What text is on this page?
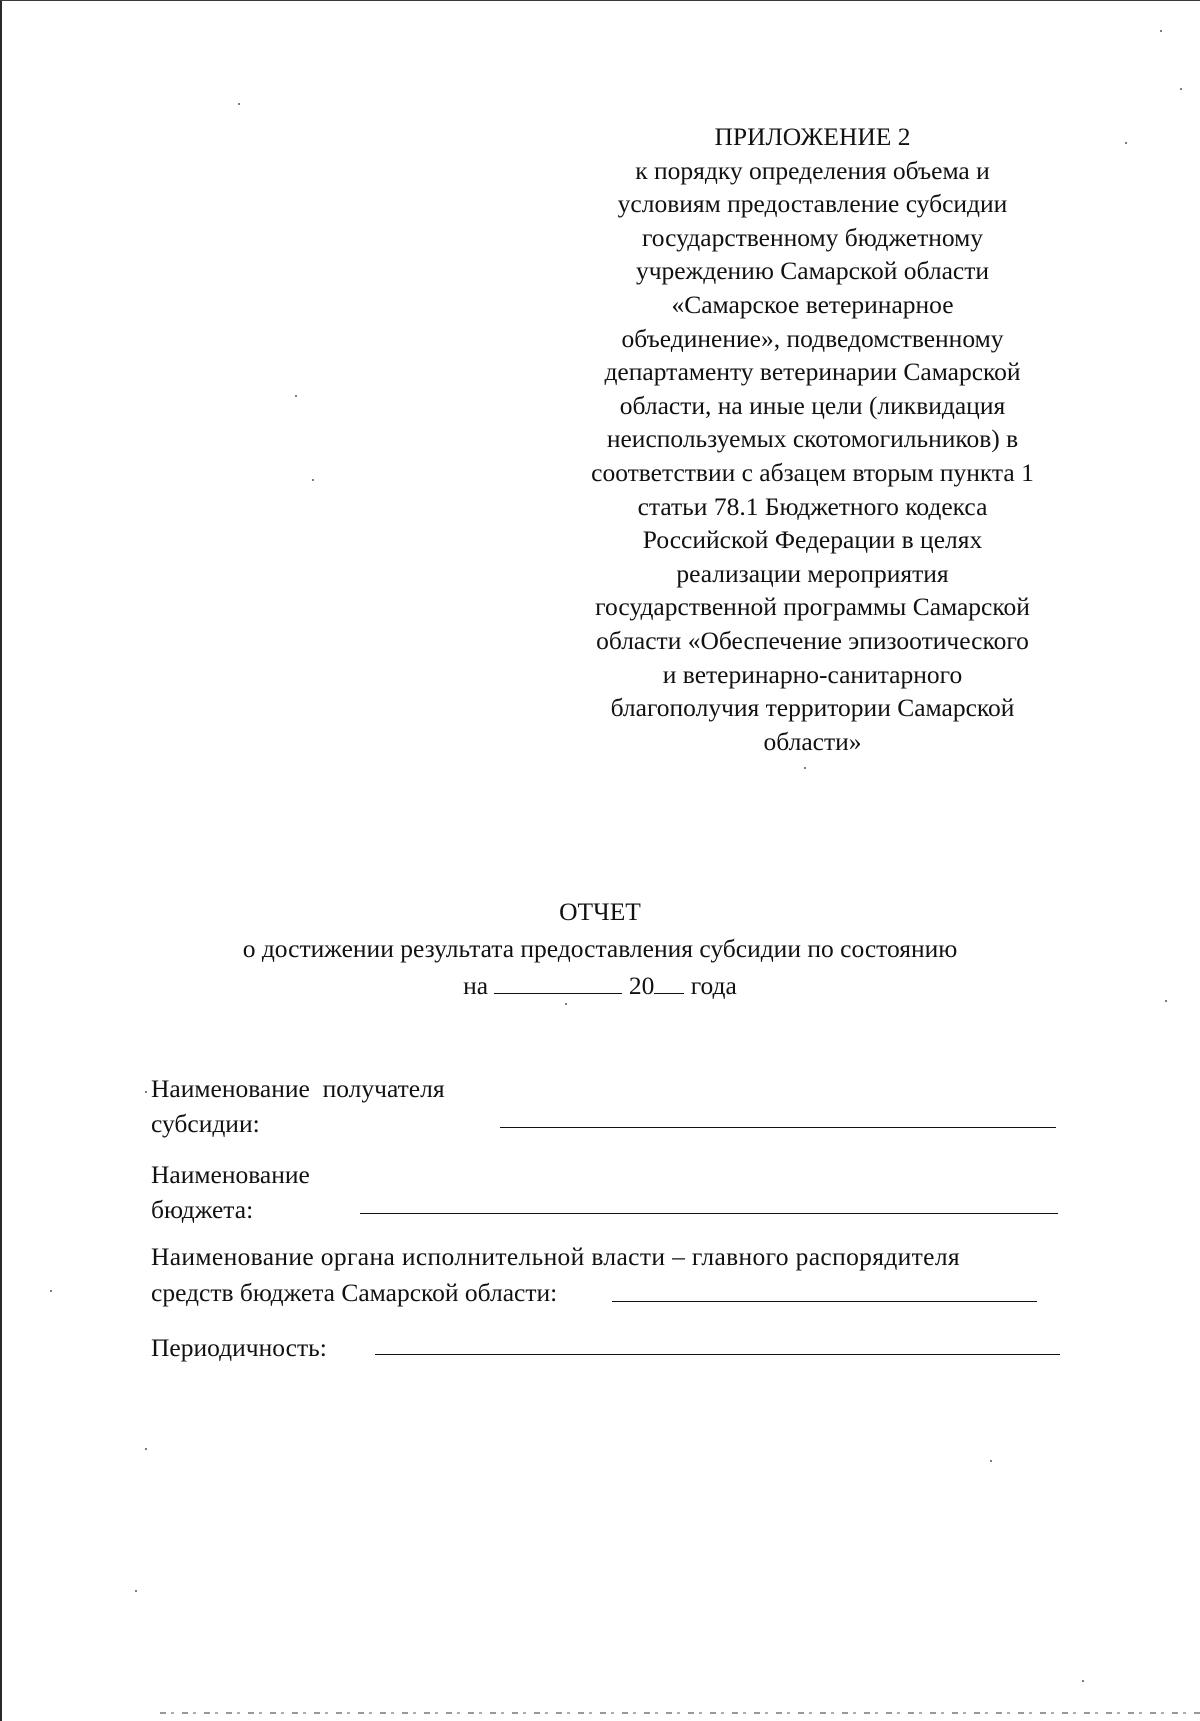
ПРИЛОЖЕНИЕ 2
к порядку определения объема и
условиям предоставление субсидии
государственному бюджетному
учреждению Самарской области
«Самарское ветеринарное
объединение», подведомственному
департаменту ветеринарии Самарской
области, на иные цели (ликвидация
неиспользуемых скотомогильников) в
соответствии с абзацем вторым пункта 1
статьи 78.1 Бюджетного кодекса
Российской Федерации в целях
реализации мероприятия
государственной программы Самарской
области «Обеспечение эпизоотического
и ветеринарно-санитарного
благополучия территории Самарской
области»
ОТЧЕТ
о достижении результата предоставления субсидии по состоянию
на	20 года
Наименование  получателя
субсидии:
Наименование
бюджета:
Наименование органа исполнительной власти – главного распорядителя
средств бюджета Самарской области:
Периодичность:
